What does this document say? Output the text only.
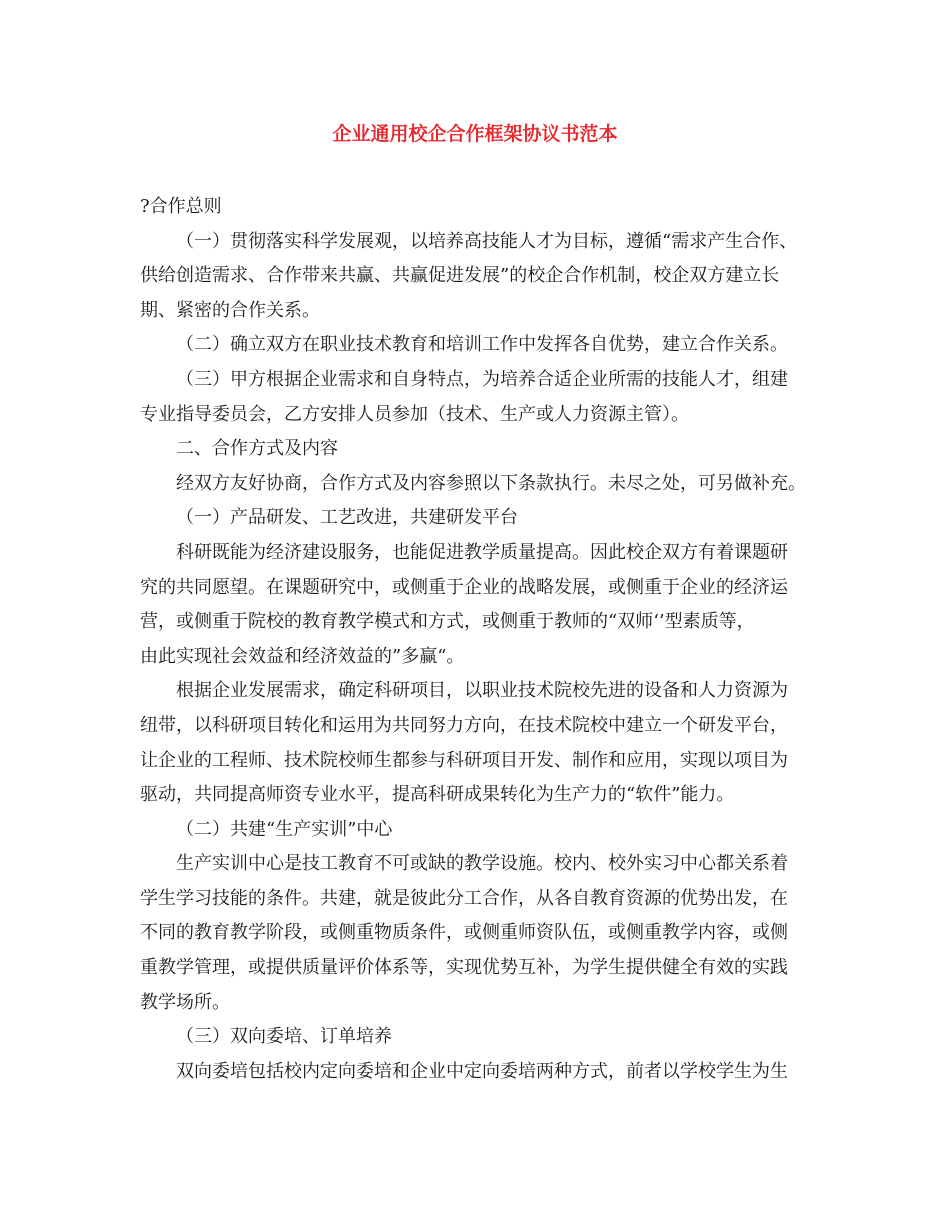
企业通用校企合作框架协议书范本
?合作总则
（一）贯彻落实科学发展观，以培养高技能人才为目标，遵循“需求产生合作、
供给创造需求、合作带来共赢、共赢促进发展”的校企合作机制，校企双方建立长
期、紧密的合作关系。
（二）确立双方在职业技术教育和培训工作中发挥各自优势，建立合作关系。
（三）甲方根据企业需求和自身特点，为培养合适企业所需的技能人才，组建
专业指导委员会，乙方安排人员参加（技术、生产或人力资源主管）。
二、合作方式及内容
经双方友好协商，合作方式及内容参照以下条款执行。未尽之处，可另做补充。
（一）产品研发、工艺改进，共建研发平台
科研既能为经济建设服务，也能促进教学质量提高。因此校企双方有着课题研
究的共同愿望。在课题研究中，或侧重于企业的战略发展，或侧重于企业的经济运
营，或侧重于院校的教育教学模式和方式，或侧重于教师的“双师‘’型素质等，
由此实现社会效益和经济效益的”多赢“。
根据企业发展需求，确定科研项目，以职业技术院校先进的设备和人力资源为
纽带，以科研项目转化和运用为共同努力方向，在技术院校中建立一个研发平台，
让企业的工程师、技术院校师生都参与科研项目开发、制作和应用，实现以项目为
驱动，共同提高师资专业水平，提高科研成果转化为生产力的“软件”能力。
（二）共建“生产实训”中心
生产实训中心是技工教育不可或缺的教学设施。校内、校外实习中心都关系着
学生学习技能的条件。共建，就是彼此分工合作，从各自教育资源的优势出发，在
不同的教育教学阶段，或侧重物质条件，或侧重师资队伍，或侧重教学内容，或侧
重教学管理，或提供质量评价体系等，实现优势互补，为学生提供健全有效的实践
教学场所。
（三）双向委培、订单培养
双向委培包括校内定向委培和企业中定向委培两种方式，前者以学校学生为生
